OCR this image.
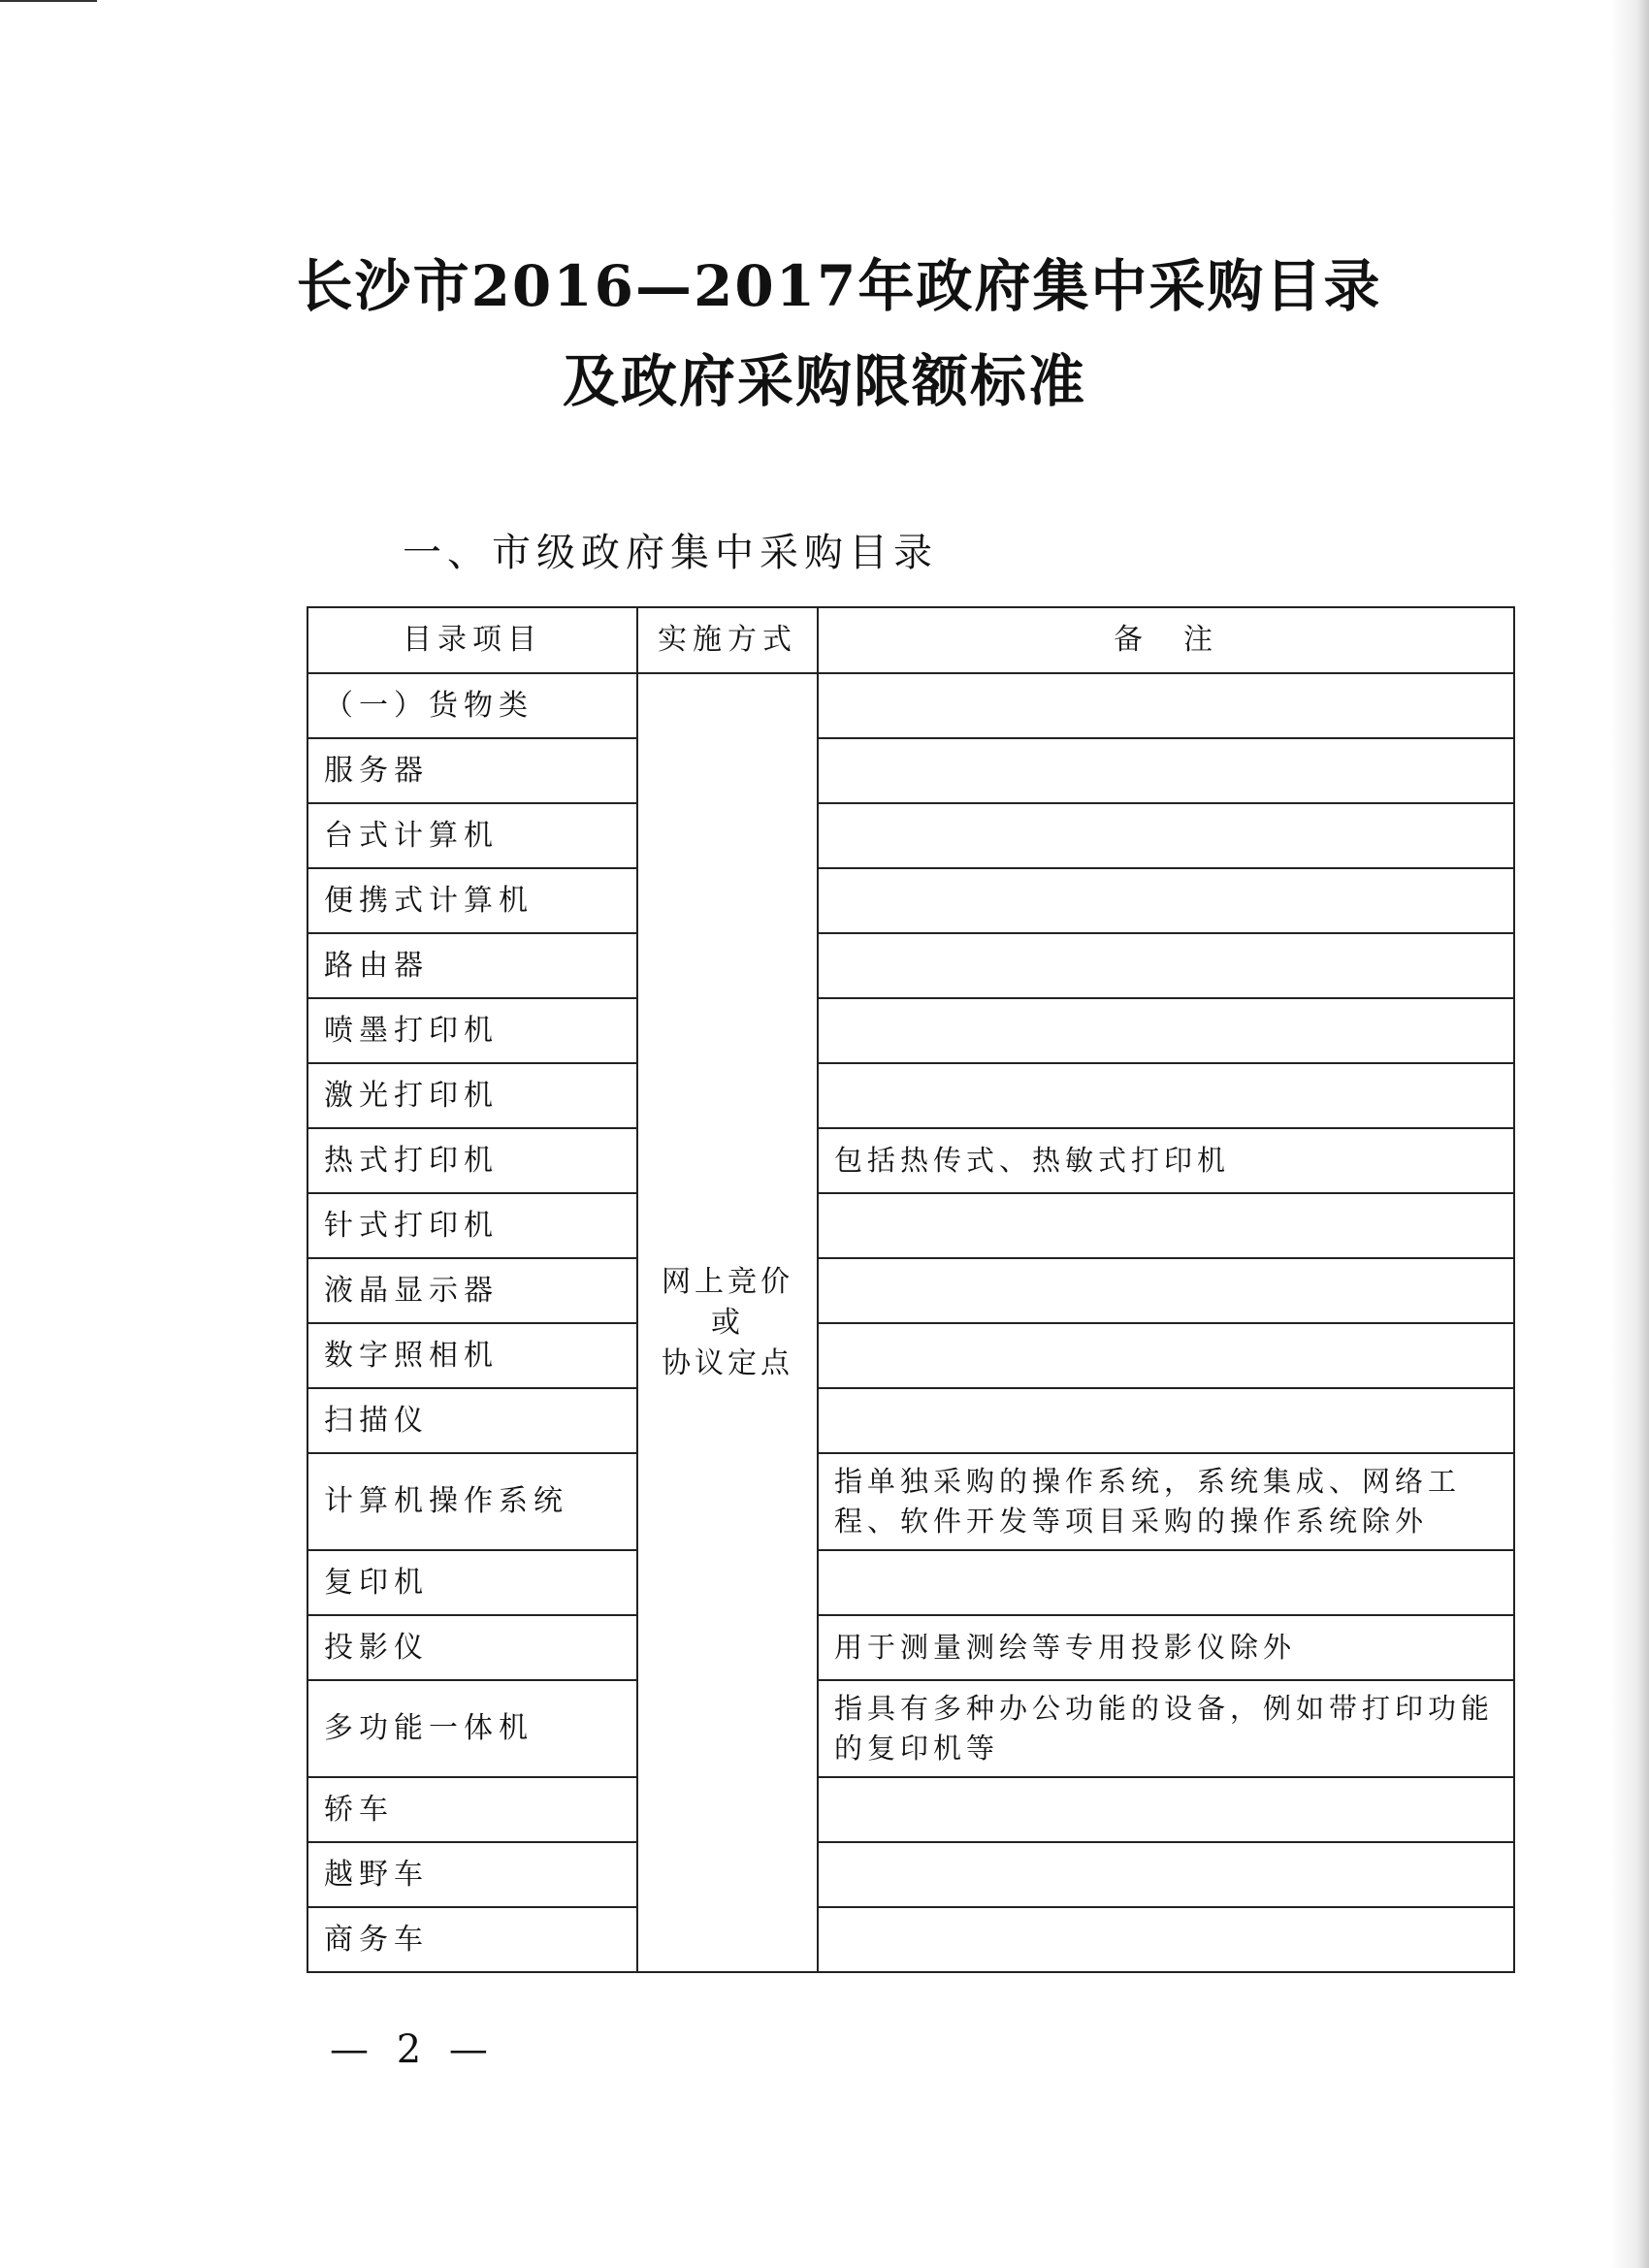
长沙市2016—2017年政府集中采购目录
及政府采购限额标准
一、市级政府集中采购目录
目录项目	实施方式	备　注
（一）货物类	网上竞价或
协议定点	
服务器		
台式计算机		
便携式计算机		
路由器		
喷墨打印机		
激光打印机		
热式打印机		包括热传式、热敏式打印机
针式打印机		
液晶显示器		
数字照相机		
扫描仪		
计算机操作系统		指单独采购的操作系统，系统集成、网络工程、软件开发等项目采购的操作系统除外
复印机		
投影仪		用于测量测绘等专用投影仪除外
多功能一体机		指具有多种办公功能的设备，例如带打印功能的复印机等
轿车		
越野车		
商务车		
— 2 —
